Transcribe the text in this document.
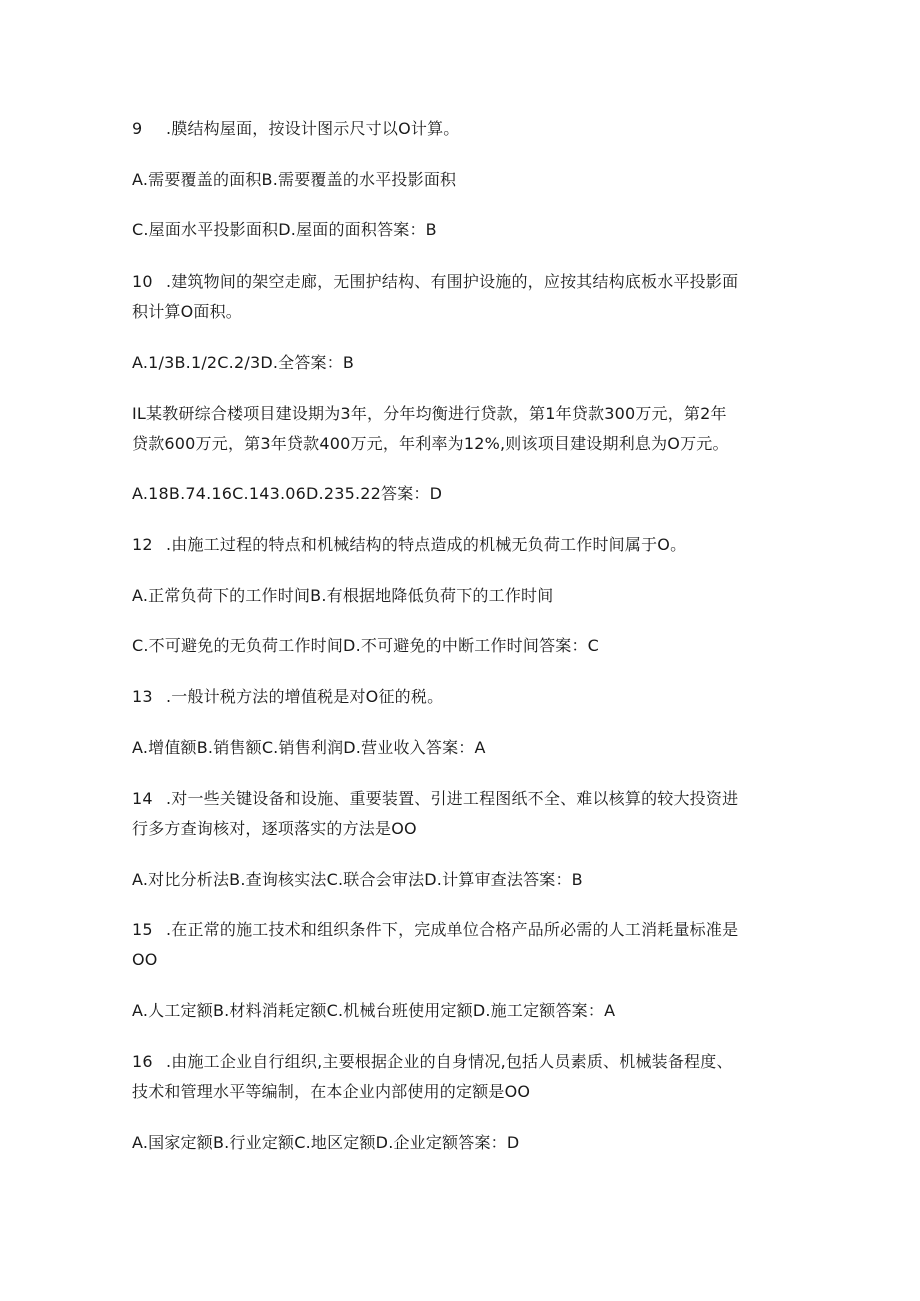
9 .膜结构屋面，按设计图示尺寸以O计算。
A.需要覆盖的面积B.需要覆盖的水平投影面积
C.屋面水平投影面积D.屋面的面积答案：B
10 .建筑物间的架空走廊，无围护结构、有围护设施的，应按其结构底板水平投影面
积计算O面积。
A.1/3B.1/2C.2/3D.全答案：B
IL某教研综合楼项目建设期为3年，分年均衡进行贷款，第1年贷款300万元，第2年
贷款600万元，第3年贷款400万元，年利率为12%,则该项目建设期利息为O万元。
A.18B.74.16C.143.06D.235.22答案：D
12 .由施工过程的特点和机械结构的特点造成的机械无负荷工作时间属于O。
A.正常负荷下的工作时间B.有根据地降低负荷下的工作时间
C.不可避免的无负荷工作时间D.不可避免的中断工作时间答案：C
13 .一般计税方法的增值税是对O征的税。
A.增值额B.销售额C.销售利润D.营业收入答案：A
14 .对一些关键设备和设施、重要装置、引进工程图纸不全、难以核算的较大投资进
行多方查询核对，逐项落实的方法是OO
A.对比分析法B.查询核实法C.联合会审法D.计算审查法答案：B
15 .在正常的施工技术和组织条件下，完成单位合格产品所必需的人工消耗量标准是
OO
A.人工定额B.材料消耗定额C.机械台班使用定额D.施工定额答案：A
16 .由施工企业自行组织,主要根据企业的自身情况,包括人员素质、机械装备程度、
技术和管理水平等编制，在本企业内部使用的定额是OO
A.国家定额B.行业定额C.地区定额D.企业定额答案：D
